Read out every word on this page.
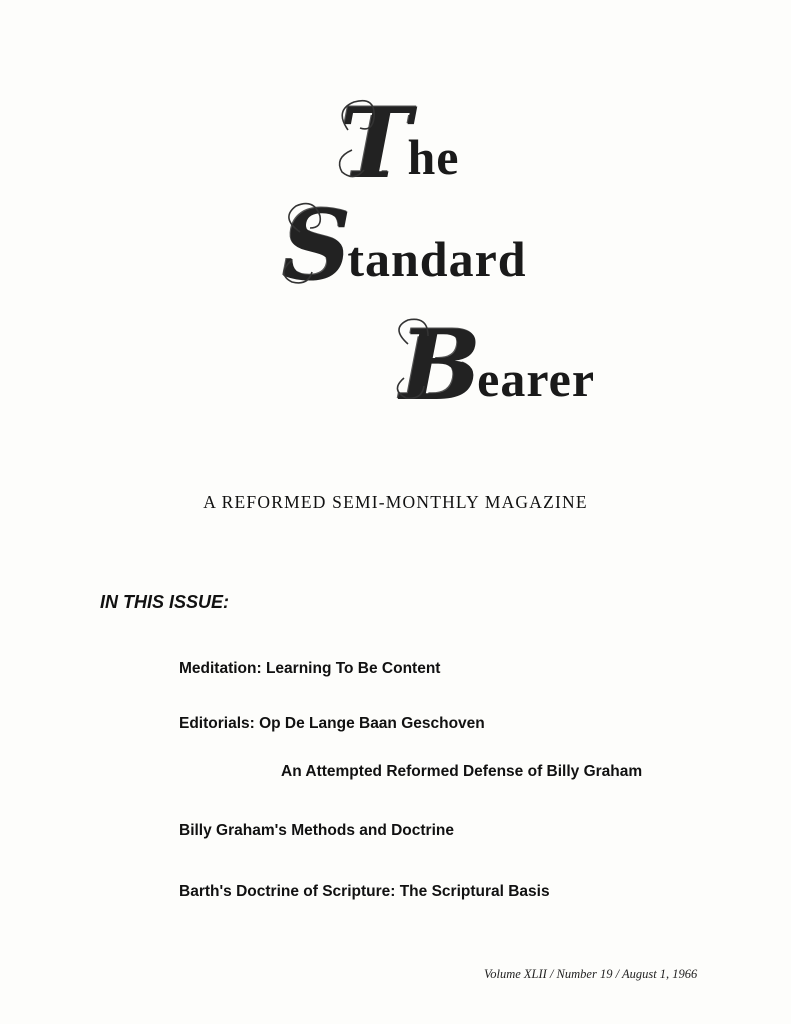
T
he
S
tandard
B
earer
A REFORMED SEMI-MONTHLY MAGAZINE
IN THIS ISSUE:
Meditation: Learning To Be Content
Editorials: Op De Lange Baan Geschoven
An Attempted Reformed Defense of Billy Graham
Billy Graham's Methods and Doctrine
Barth's Doctrine of Scripture: The Scriptural Basis
Volume XLII / Number 19 / August 1, 1966
